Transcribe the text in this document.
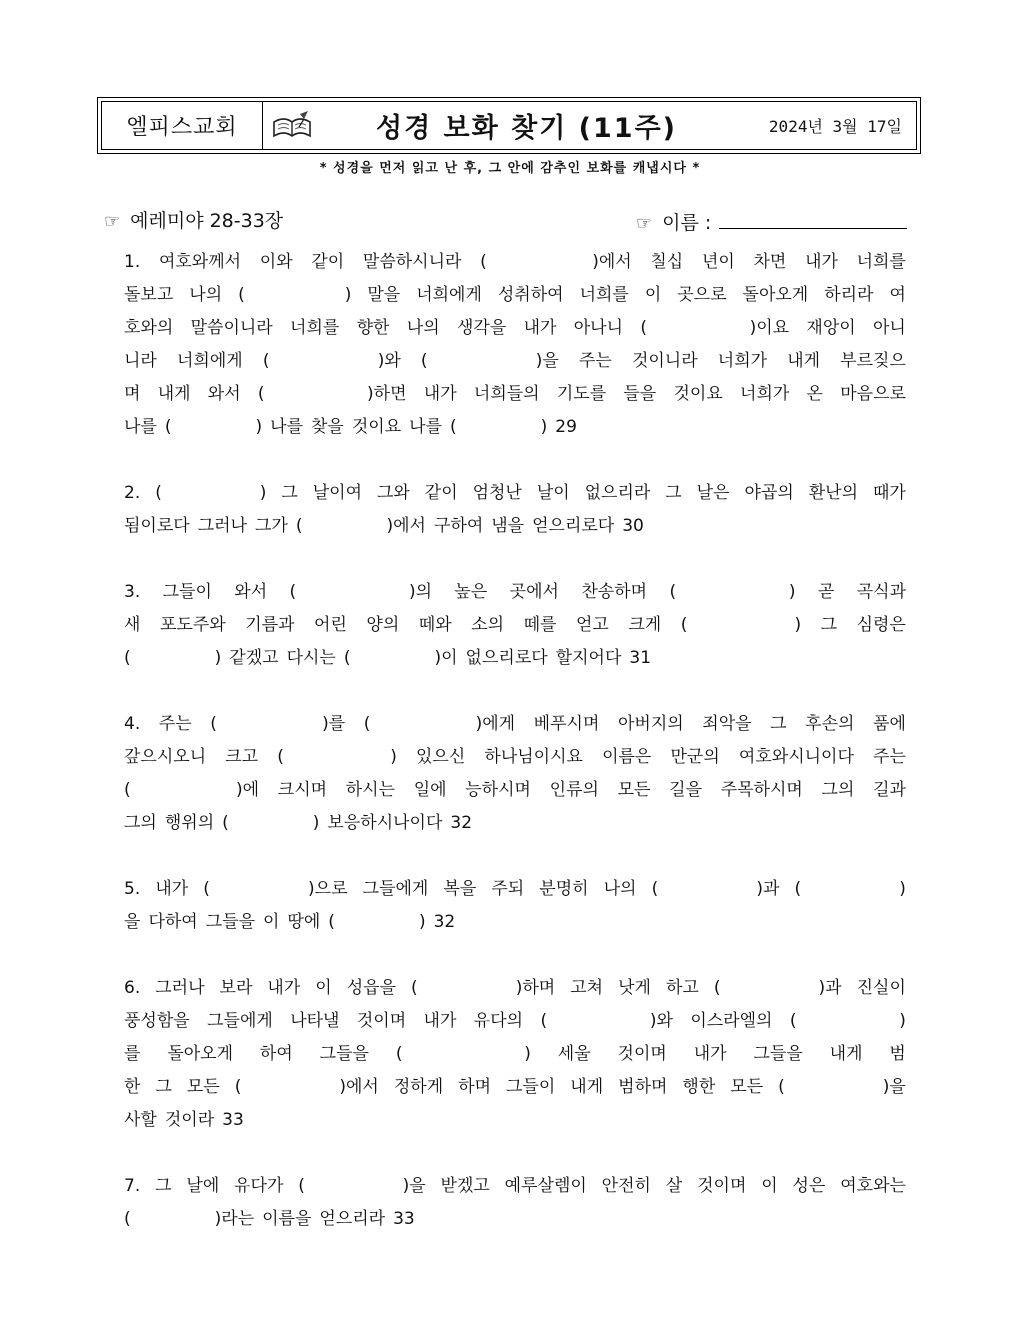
엘피스교회	성경 보화 찾기 (11주)	2024년 3월 17일
* 성경을 먼저 읽고 난 후, 그 안에 감추인 보화를 캐냅시다 *
☞ 예레미야 28-33장	☞ 이름 :
1. 여호와께서 이와 같이 말씀하시니라 (
    	)에서 칠십 년이 차면 내가 너희를
돌보고 나의 (
    	) 말을 너희에게 성취하여 너희를 이 곳으로 돌아오게 하리라 여
호와의 말씀이니라 너희를 향한 나의 생각을 내가 아나니 (
    	)이요 재앙이 아니
니라 너희에게 (
    	)와 (
    	)을 주는 것이니라 너희가 내게 부르짖으
며 내게 와서 (
    	)하면 내가 너희들의 기도를 들을 것이요 너희가 온 마음으로
나를 (
    	) 나를 찾을 것이요 나를 (
    	) 29
2. (
    	) 그 날이여 그와 같이 엄청난 날이 없으리라 그 날은 야곱의 환난의 때가
됨이로다 그러나 그가 (
    	)에서 구하여 냄을 얻으리로다 30
3. 그들이 와서 (
    	)의 높은 곳에서 찬송하며 (
    	) 곧 곡식과
새 포도주와 기름과 어린 양의 떼와 소의 떼를 얻고 크게 (
    	) 그 심령은
(
    	) 같겠고 다시는 (
    	)이 없으리로다 할지어다 31
4. 주는 (
    	)를 (
    	)에게 베푸시며 아버지의 죄악을 그 후손의 품에
갚으시오니 크고 (
    	) 있으신 하나님이시요 이름은 만군의 여호와시니이다 주는
(
    	)에 크시며 하시는 일에 능하시며 인류의 모든 길을 주목하시며 그의 길과
그의 행위의 (
    	) 보응하시나이다 32
5. 내가 (
    	)으로 그들에게 복을 주되 분명히 나의 (
    	)과 (
    	)
을 다하여 그들을 이 땅에 (
    	) 32
6. 그러나 보라 내가 이 성읍을 (
    	)하며 고쳐 낫게 하고 (
    	)과 진실이
풍성함을 그들에게 나타낼 것이며 내가 유다의 (
    	)와 이스라엘의 (
    	)
를 돌아오게 하여 그들을 (
    	) 세울 것이며 내가 그들을 내게 범
한 그 모든 (
    	)에서 정하게 하며 그들이 내게 범하며 행한 모든 (
    	)을
사할 것이라 33
7. 그 날에 유다가 (
    	)을 받겠고 예루살렘이 안전히 살 것이며 이 성은 여호와는
(
    	)라는 이름을 얻으리라 33
